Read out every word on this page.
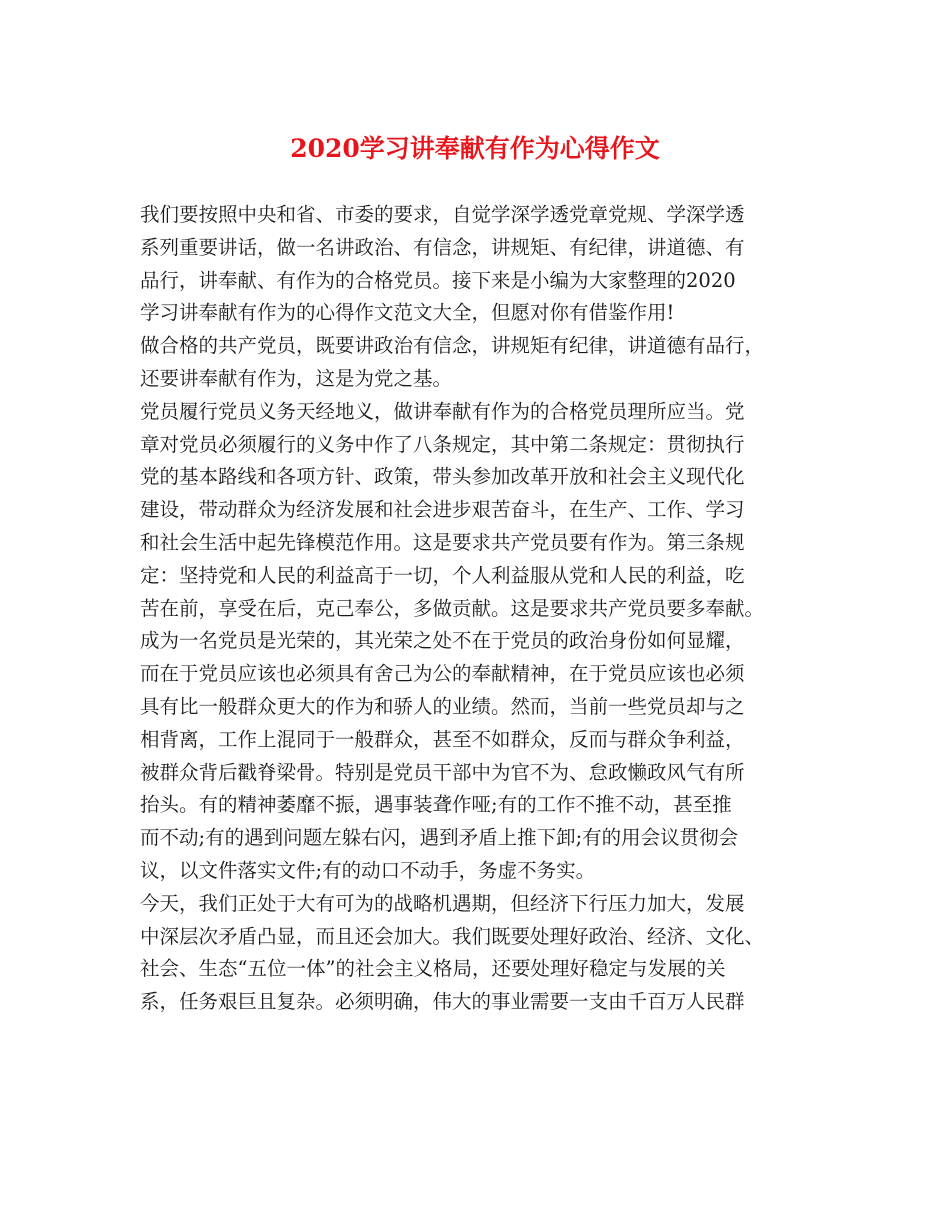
2020学习讲奉献有作为心得作文
我们要按照中央和省、市委的要求，自觉学深学透党章党规、学深学透
系列重要讲话，做一名讲政治、有信念，讲规矩、有纪律，讲道德、有
品行，讲奉献、有作为的合格党员。接下来是小编为大家整理的2020
学习讲奉献有作为的心得作文范文大全，但愿对你有借鉴作用!
做合格的共产党员，既要讲政治有信念，讲规矩有纪律，讲道德有品行，
还要讲奉献有作为，这是为党之基。
党员履行党员义务天经地义，做讲奉献有作为的合格党员理所应当。党
章对党员必须履行的义务中作了八条规定，其中第二条规定：贯彻执行
党的基本路线和各项方针、政策，带头参加改革开放和社会主义现代化
建设，带动群众为经济发展和社会进步艰苦奋斗，在生产、工作、学习
和社会生活中起先锋模范作用。这是要求共产党员要有作为。第三条规
定：坚持党和人民的利益高于一切，个人利益服从党和人民的利益，吃
苦在前，享受在后，克己奉公，多做贡献。这是要求共产党员要多奉献。
成为一名党员是光荣的，其光荣之处不在于党员的政治身份如何显耀，
而在于党员应该也必须具有舍己为公的奉献精神，在于党员应该也必须
具有比一般群众更大的作为和骄人的业绩。然而，当前一些党员却与之
相背离，工作上混同于一般群众，甚至不如群众，反而与群众争利益，
被群众背后戳脊梁骨。特别是党员干部中为官不为、怠政懒政风气有所
抬头。有的精神萎靡不振，遇事装聋作哑;有的工作不推不动，甚至推
而不动;有的遇到问题左躲右闪，遇到矛盾上推下卸;有的用会议贯彻会
议，以文件落实文件;有的动口不动手，务虚不务实。
今天，我们正处于大有可为的战略机遇期，但经济下行压力加大，发展
中深层次矛盾凸显，而且还会加大。我们既要处理好政治、经济、文化、
社会、生态“五位一体”的社会主义格局，还要处理好稳定与发展的关
系，任务艰巨且复杂。必须明确，伟大的事业需要一支由千百万人民群
